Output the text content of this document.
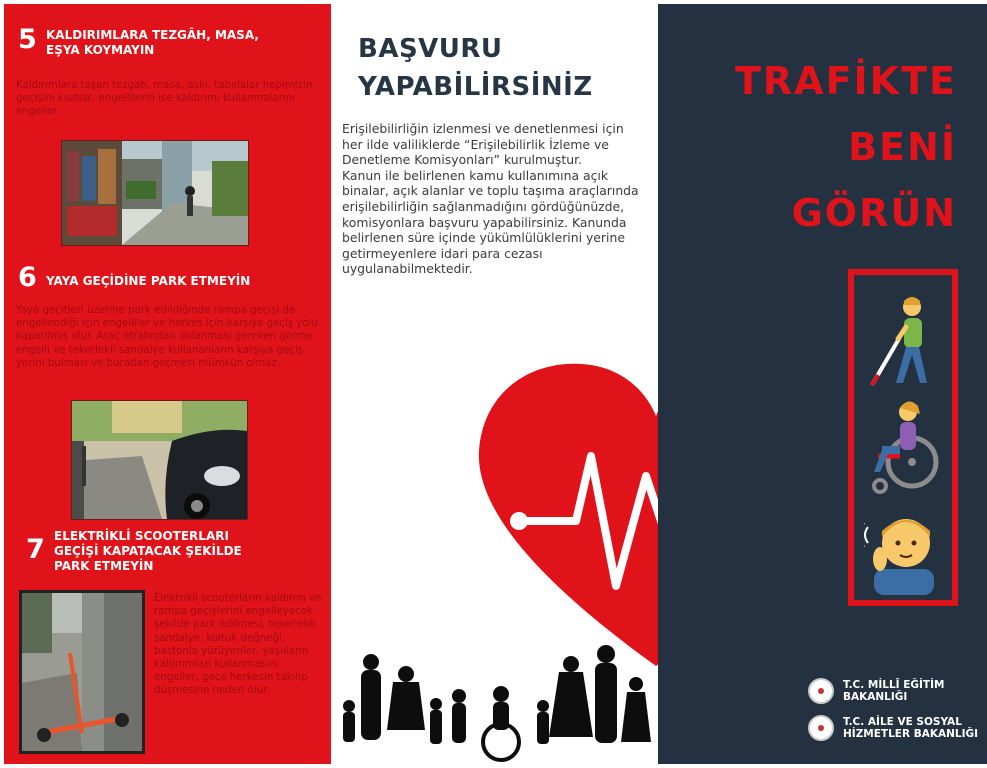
5 KALDIRIMLARA TEZGÂH, MASA,
EŞYA KOYMAYIN
Kaldırımlara taşan tezgah, masa, askı, tabelalar hepimizin geçişini kısıtlar, engellilerin ise kaldırımı kullanmalarını engeller.
6 YAYA GEÇİDİNE PARK ETMEYİN
Yaya geçitleri üzerine park edildiğinde rampa geçişi de engellendiği için engelliler ve herkes için karşıya geçiş yolu kapatılmış olur. Araç etrafından dolanması gereken görme engelli ve tekerlekli sandalye kullananların karşıya geçiş yerini bulması ve buradan geçmesi mümkün olmaz.
7 ELEKTRİKLİ SCOOTERLARI
GEÇİŞİ KAPATACAK ŞEKİLDE
PARK ETMEYİN
Elektrikli scooterların kaldırım ve rampa geçişlerini engelleyecek şekilde park edilmesi, tekerlekli sandalye, koltuk değneği, bastonla yürüyenler, yaşlıların kaldırımları kullanmasını engeller, gece herkesin takılıp düşmesine neden olur.
BAŞVURU
YAPABİLİRSİNİZ
Erişilebilirliğin izlenmesi ve denetlenmesi için her ilde valiliklerde “Erişilebilirlik İzleme ve Denetleme Komisyonları” kurulmuştur.
Kanun ile belirlenen kamu kullanımına açık binalar, açık alanlar ve toplu taşıma araçlarında erişilebilirliğin sağlanmadığını gördüğünüzde, komisyonlara başvuru yapabilirsiniz. Kanunda belirlenen süre içinde yükümlülüklerini yerine getirmeyenlere idari para cezası uygulanabilmektedir.
TRAFİKTE
BENİ
GÖRÜN
T.C. MİLLÎ EĞİTİM
BAKANLIĞI
T.C. AİLE VE SOSYAL
HİZMETLER BAKANLIĞI
